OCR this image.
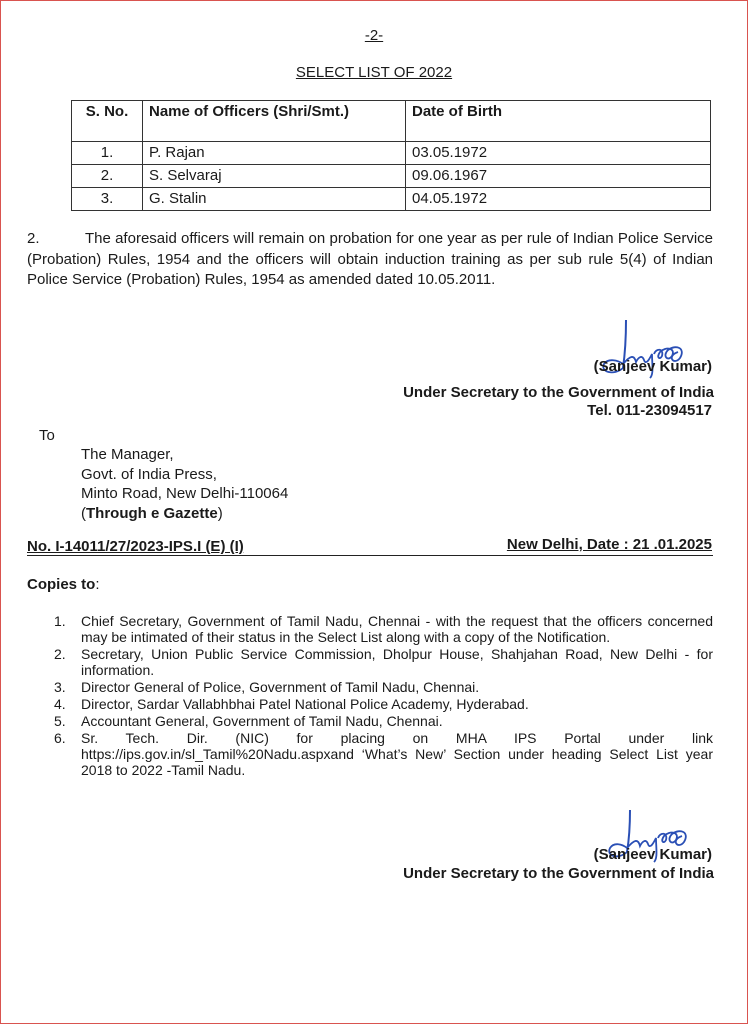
-2-
SELECT LIST OF 2022
S. No.	Name of Officers (Shri/Smt.)	Date of Birth
1.	P. Rajan	03.05.1972
2.	S. Selvaraj	09.06.1967
3.	G. Stalin	04.05.1972
2.	The aforesaid officers will remain on probation for one year as per rule of Indian Police Service (Probation) Rules, 1954 and the officers will obtain induction training as per sub rule 5(4) of Indian Police Service (Probation) Rules, 1954 as amended dated 10.05.2011.
(Sanjeev Kumar)
Under Secretary to the Government of India
Tel. 011-23094517
To
The Manager,
Govt. of India Press,
Minto Road, New Delhi-110064
(Through e Gazette)
No. I-14011/27/2023-IPS.I (E) (I)	New Delhi, Date : 21 .01.2025
Copies to:
1.	Chief Secretary, Government of Tamil Nadu, Chennai - with the request that the officers concerned may be intimated of their status in the Select List along with a copy of the Notification.
2.	Secretary, Union Public Service Commission, Dholpur House, Shahjahan Road, New Delhi - for information.
3.	Director General of Police, Government of Tamil Nadu, Chennai.
4.	Director, Sardar Vallabhbhai Patel National Police Academy, Hyderabad.
5.	Accountant General, Government of Tamil Nadu, Chennai.
6.	Sr. Tech. Dir. (NIC) for placing on MHA IPS Portal under link https://ips.gov.in/sl_Tamil%20Nadu.aspxand ‘What’s New’ Section under heading Select List year 2018 to 2022 -Tamil Nadu.
(Sanjeev Kumar)
Under Secretary to the Government of India
